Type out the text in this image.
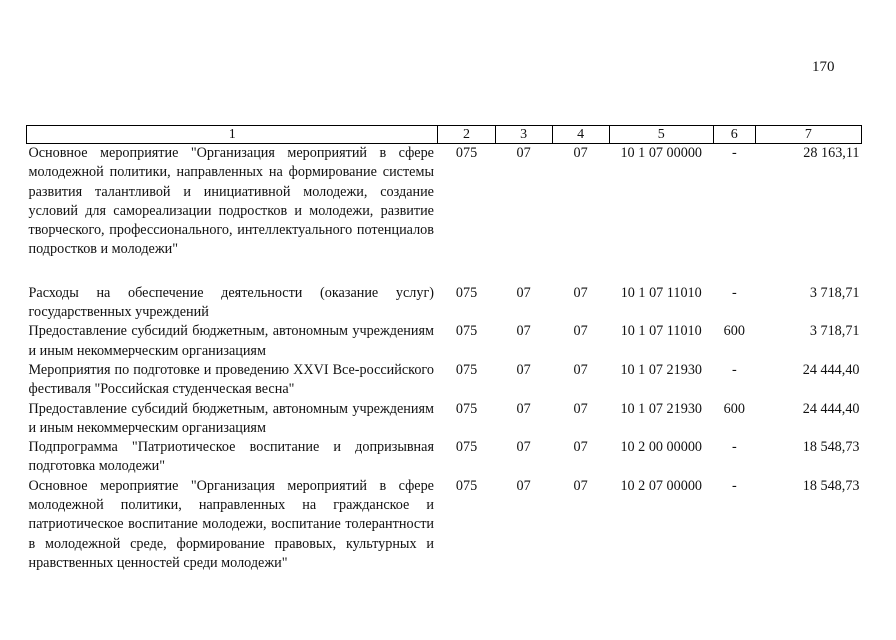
170
1	2	3	4	5	6	7
Основное мероприятие "Организация мероприятий в сфере молодежной политики, направленных на формирование системы развития талантливой и инициативной молодежи, создание условий для самореализации подростков и молодежи, развитие творческого, профессионального, интеллектуального потенциалов подростков и молодежи"	075	07	07	10 1 07 00000	-	28 163,11

Расходы на обеспечение деятельности (оказание услуг) государственных учреждений	075	07	07	10 1 07 11010	-	3 718,71
Предоставление субсидий бюджетным, автономным учреждениям и иным некоммерческим организациям	075	07	07	10 1 07 11010	600	3 718,71
Мероприятия по подготовке и проведению XXVI Все-российского фестиваля "Российская студенческая весна"	075	07	07	10 1 07 21930	-	24 444,40
Предоставление субсидий бюджетным, автономным учреждениям и иным некоммерческим организациям	075	07	07	10 1 07 21930	600	24 444,40
Подпрограмма "Патриотическое воспитание и допризывная подготовка молодежи"	075	07	07	10 2 00 00000	-	18 548,73
Основное мероприятие "Организация мероприятий в сфере молодежной политики, направленных на гражданское и патриотическое воспитание молодежи, воспитание толерантности в молодежной среде, формирование правовых, культурных и нравственных ценностей среди молодежи"	075	07	07	10 2 07 00000	-	18 548,73
